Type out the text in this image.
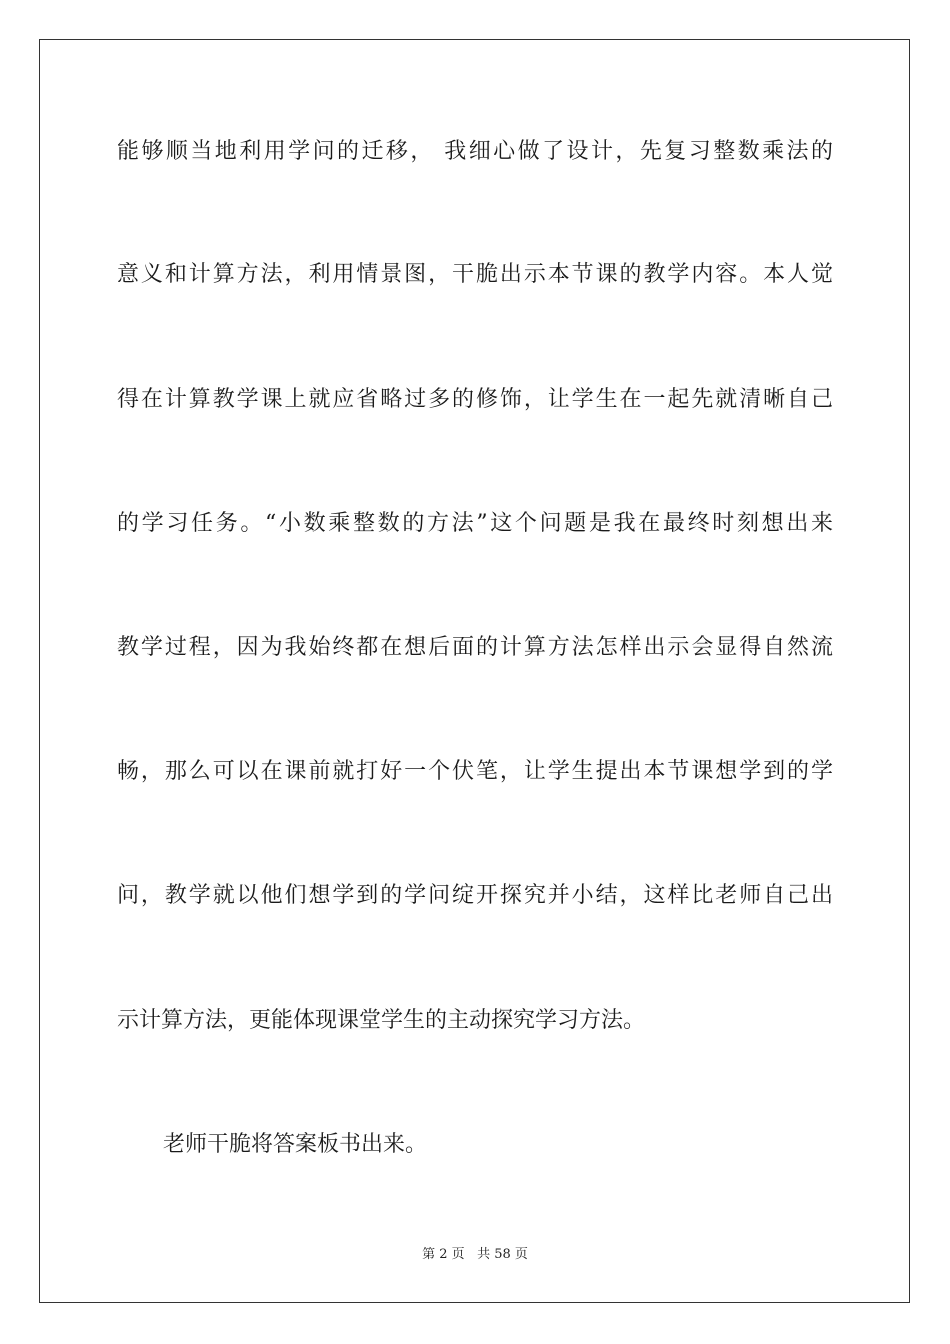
能够顺当地利用学问的迁移， 我细心做了设计，先复习整数乘法的
意义和计算方法，利用情景图，干脆出示本节课的教学内容。本人觉
得在计算教学课上就应省略过多的修饰，让学生在一起先就清晰自己
的学习任务。“小数乘整数的方法”这个问题是我在最终时刻想出来
教学过程，因为我始终都在想后面的计算方法怎样出示会显得自然流
畅，那么可以在课前就打好一个伏笔，让学生提出本节课想学到的学
问，教学就以他们想学到的学问绽开探究并小结，这样比老师自己出
示计算方法，更能体现课堂学生的主动探究学习方法。
老师干脆将答案板书出来。
第 2 页 共 58 页
